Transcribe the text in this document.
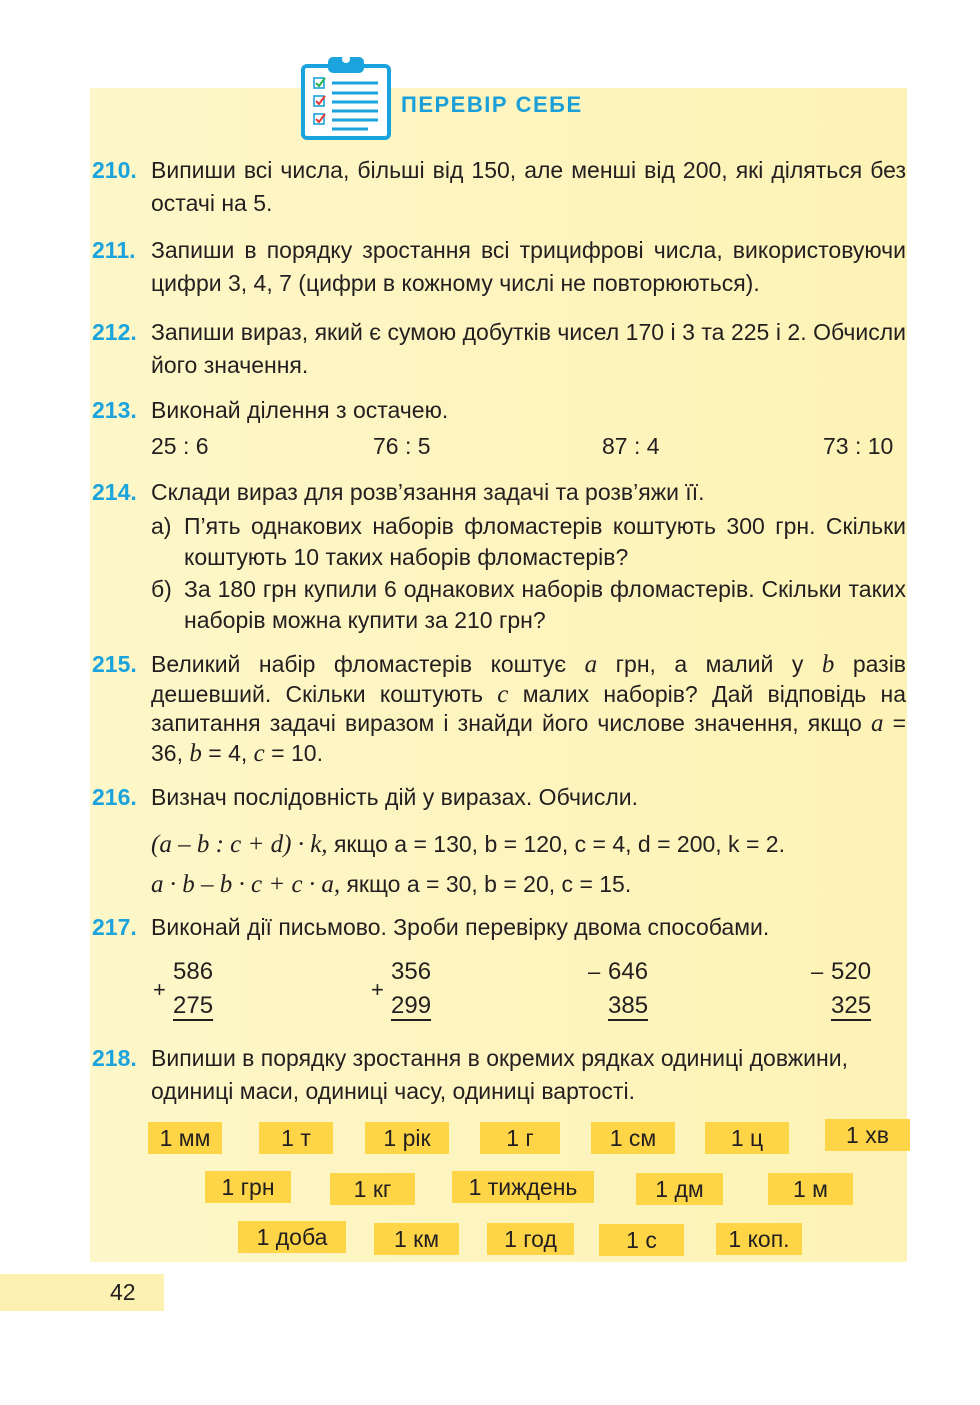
ПЕРЕВІР СЕБЕ
210. Випиши всі числа, більші від 150, але менші від 200, які діляться без остачі на 5.
211. Запиши в порядку зростання всі трицифрові числа, використовуючи цифри 3, 4, 7 (цифри в кожному числі не повторюються).
212. Запиши вираз, який є сумою добутків чисел 170 і 3 та 225 і 2. Обчисли його значення.
213. Виконай ділення з остачею.
25 : 6	76 : 5	87 : 4	73 : 10
214. Склади вираз для розв’язання задачі та розв’яжи її.
а) П’ять однакових наборів фломастерів коштують 300 грн. Скільки коштують 10 таких наборів фломастерів?
б) За 180 грн купили 6 однакових наборів фломастерів. Скільки таких наборів можна купити за 210 грн?
215. Великий набір фломастерів коштує a грн, а малий у b разів дешевший. Скільки коштують c малих наборів? Дай відповідь на запитання задачі виразом і знайди його числове значення, якщо a = 36, b = 4, c = 10.
216. Визнач послідовність дій у виразах. Обчисли.
(a – b : c + d) · k, якщо a = 130, b = 120, c = 4, d = 200, k = 2.
a · b – b · c + c · a, якщо a = 30, b = 20, c = 15.
217. Виконай дії письмово. Зроби перевірку двома способами.
+
586
275
+
356
299
– 646
385
– 520
325
218. Випиши в порядку зростання в окремих рядках одиниці довжини, одиниці маси, одиниці часу, одиниці вартості.
1 мм	1 т	1 рік	1 г	1 см	1 ц	1 хв
1 грн	1 кг	1 тиждень	1 дм	1 м
1 доба	1 км	1 год	1 с	1 коп.
42
